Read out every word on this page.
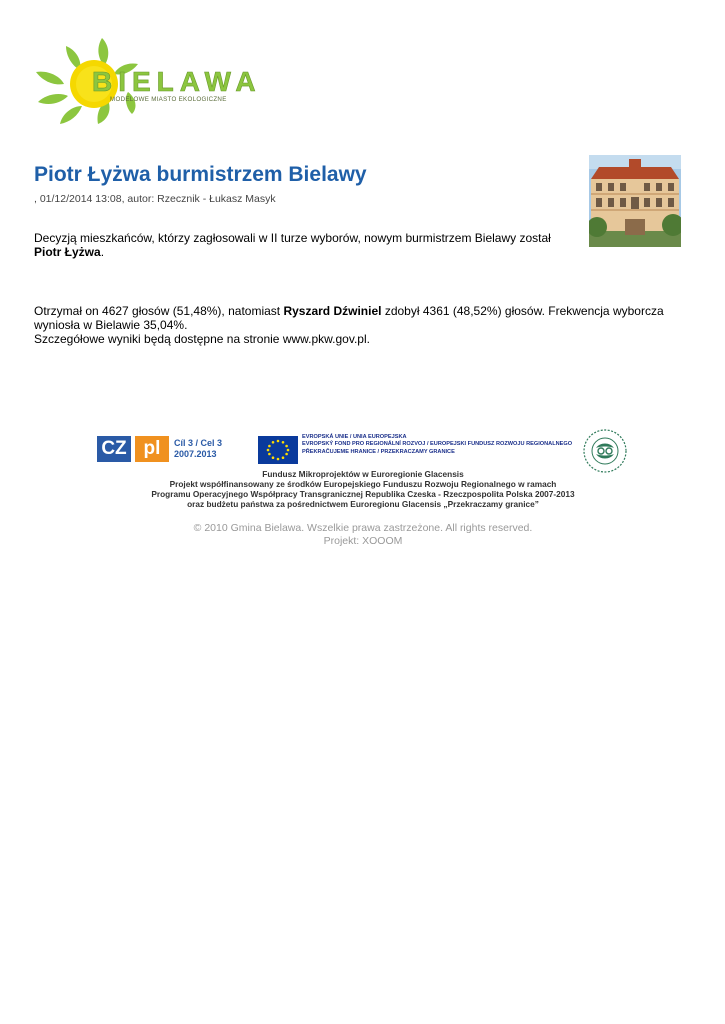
BIELAWA
MODELOWE MIASTO EKOLOGICZNE
Piotr Łyżwa burmistrzem Bielawy
, 01/12/2014 13:08, autor: Rzecznik - Łukasz Masyk
Decyzją mieszkańców, którzy zagłosowali w II turze wyborów, nowym burmistrzem Bielawy został Piotr Łyżwa.
Otrzymał on 4627 głosów (51,48%), natomiast Ryszard Dźwiniel zdobył 4361 (48,52%) głosów. Frekwencja wyborcza wyniosła w Bielawie 35,04%.
Szczegółowe wyniki będą dostępne na stronie www.pkw.gov.pl.
CZ pl	Cíl 3 / Cel 3
2007.2013
EVROPSKÁ UNIE / UNIA EUROPEJSKA
EVROPSKÝ FOND PRO REGIONÁLNÍ ROZVOJ / EUROPEJSKI FUNDUSZ ROZWOJU REGIONALNEGO
PŘEKRAČUJEME HRANICE / PRZEKRACZAMY GRANICE
Fundusz Mikroprojektów w Euroregionie Glacensis
Projekt współfinansowany ze środków Europejskiego Funduszu Rozwoju Regionalnego w ramach
Programu Operacyjnego Współpracy Transgranicznej Republika Czeska - Rzeczpospolita Polska 2007-2013
oraz budżetu państwa za pośrednictwem Euroregionu Glacensis „Przekraczamy granice”
© 2010 Gmina Bielawa. Wszelkie prawa zastrzeżone. All rights reserved.
Projekt: XOOOM
